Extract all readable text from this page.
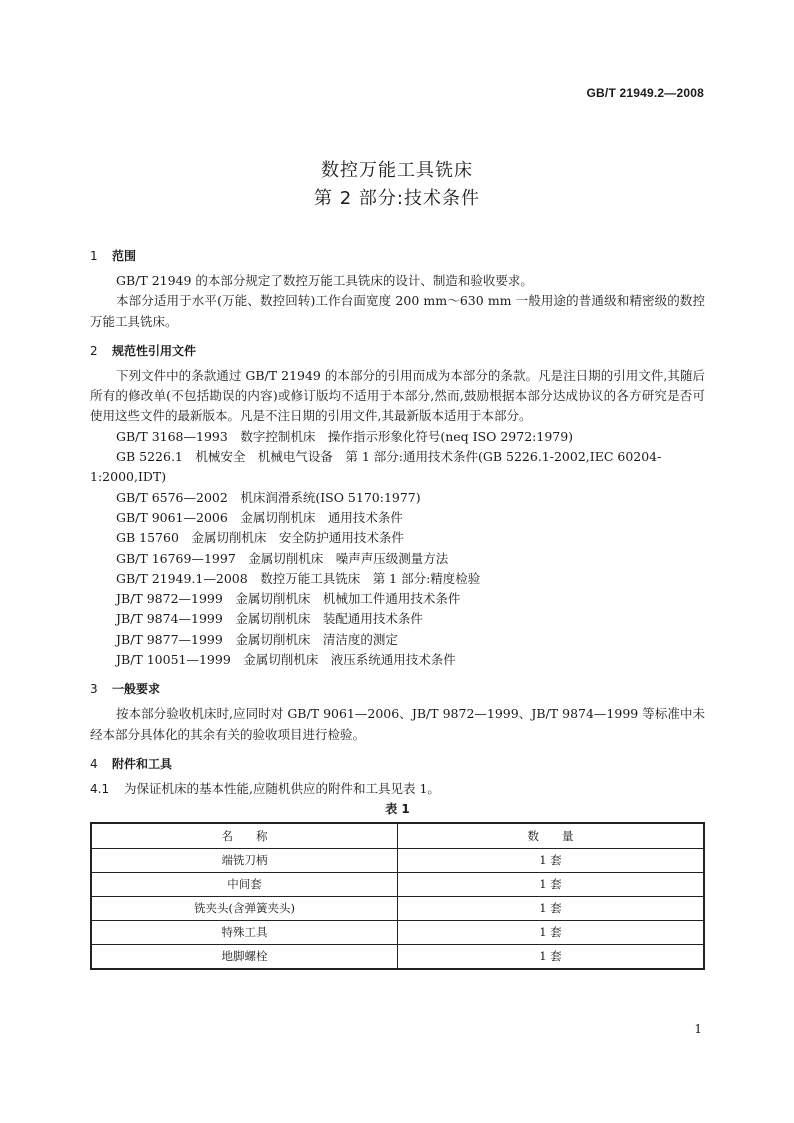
GB/T 21949.2—2008
数控万能工具铣床
第 2 部分:技术条件
1 范围

GB/T 21949 的本部分规定了数控万能工具铣床的设计、制造和验收要求。

本部分适用于水平(万能、数控回转)工作台面宽度 200 mm～630 mm 一般用途的普通级和精密级的数控万能工具铣床。

2 规范性引用文件

下列文件中的条款通过 GB/T 21949 的本部分的引用而成为本部分的条款。凡是注日期的引用文件,其随后所有的修改单(不包括勘误的内容)或修订版均不适用于本部分,然而,鼓励根据本部分达成协议的各方研究是否可使用这些文件的最新版本。凡是不注日期的引用文件,其最新版本适用于本部分。

GB/T 3168—1993　数字控制机床　操作指示形象化符号(neq ISO 2972:1979)
GB 5226.1　机械安全　机械电气设备　第 1 部分:通用技术条件(GB 5226.1-2002,IEC 60204-1:2000,IDT)
GB/T 6576—2002　机床润滑系统(ISO 5170:1977)
GB/T 9061—2006　金属切削机床　通用技术条件
GB 15760　金属切削机床　安全防护通用技术条件
GB/T 16769—1997　金属切削机床　噪声声压级测量方法
GB/T 21949.1—2008　数控万能工具铣床　第 1 部分:精度检验
JB/T 9872—1999　金属切削机床　机械加工件通用技术条件
JB/T 9874—1999　金属切削机床　装配通用技术条件
JB/T 9877—1999　金属切削机床　清洁度的测定
JB/T 10051—1999　金属切削机床　液压系统通用技术条件
3 一般要求

按本部分验收机床时,应同时对 GB/T 9061—2006、JB/T 9872—1999、JB/T 9874—1999 等标准中未经本部分具体化的其余有关的验收项目进行检验。

4 附件和工具
4.1 为保证机床的基本性能,应随机供应的附件和工具见表 1。
表 1
名　　称	数　　量
端铣刀柄	1 套
中间套	1 套
铣夹头(含弹簧夹头)	1 套
特殊工具	1 套
地脚螺栓	1 套
1
